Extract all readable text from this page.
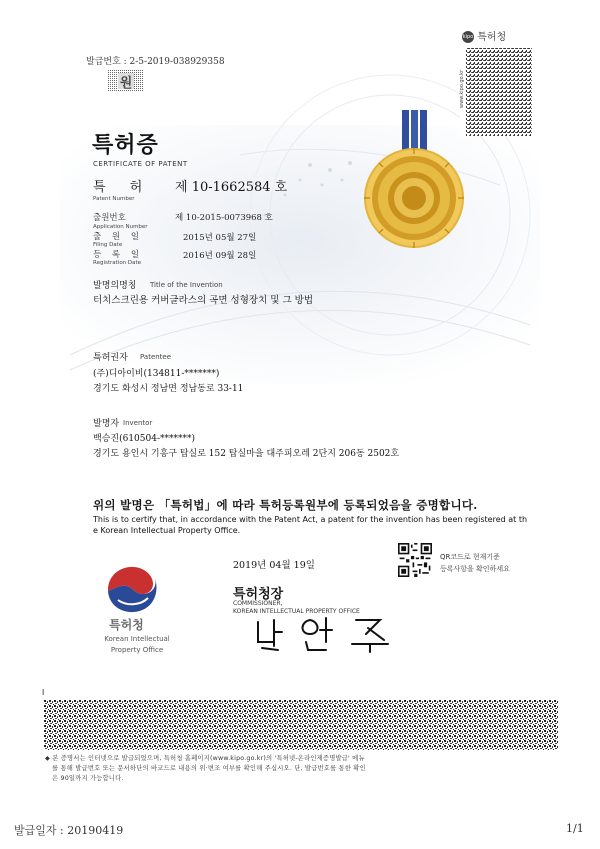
발급번호 : 2-5-2019-038929358
원
kipo 특허청
www.kipo.go.kr
특허증
CERTIFICATE OF PATENT
특 허 제 10-1662584 호
Patent Number
출원번호	제 10-2015-0073968 호
Application Number
출 원 일	2015년 05월 27일
Filing Date
등 록 일	2016년 09월 28일
Registration Date
발명의명칭 Title of the Invention
터치스크린용 커버글라스의 곡면 성형장치 및 그 방법
특허권자 Patentee
(주)디아이비(134811-*******)
경기도 화성시 정남면 정남동로 33-11
발명자 Inventor
백승진(610504-*******)
경기도 용인시 기흥구 탑실로 152 탑실마을 대주피오레 2단지 206동 2502호
위의 발명은 「특허법」에 따라 특허등록원부에 등록되었음을 증명합니다.
This is to certify that, in accordance with the Patent Act, a patent for the invention has been registered at th
e Korean Intellectual Property Office.
2019년 04월 19일
QR코드로 현재기준
등록사항을 확인하세요
특허청
Korean Intellectual
Property Office
특허청장
COMMISSIONER,
KOREAN INTELLECTUAL PROPERTY OFFICE
l
◆ 본 증명서는 인터넷으로 발급되었으며, 특허청 홈페이지(www.kipo.go.kr)의 '특허넷-온라인제증명발급' 메뉴
를 통해 발급번호 또는 문서하단의 바코드로 내용의 위·변조 여부를 확인해 주십시오. 단, 발급번호를 통한 확인
은 90일까지 가능합니다.
발급일자 : 20190419	1/1
